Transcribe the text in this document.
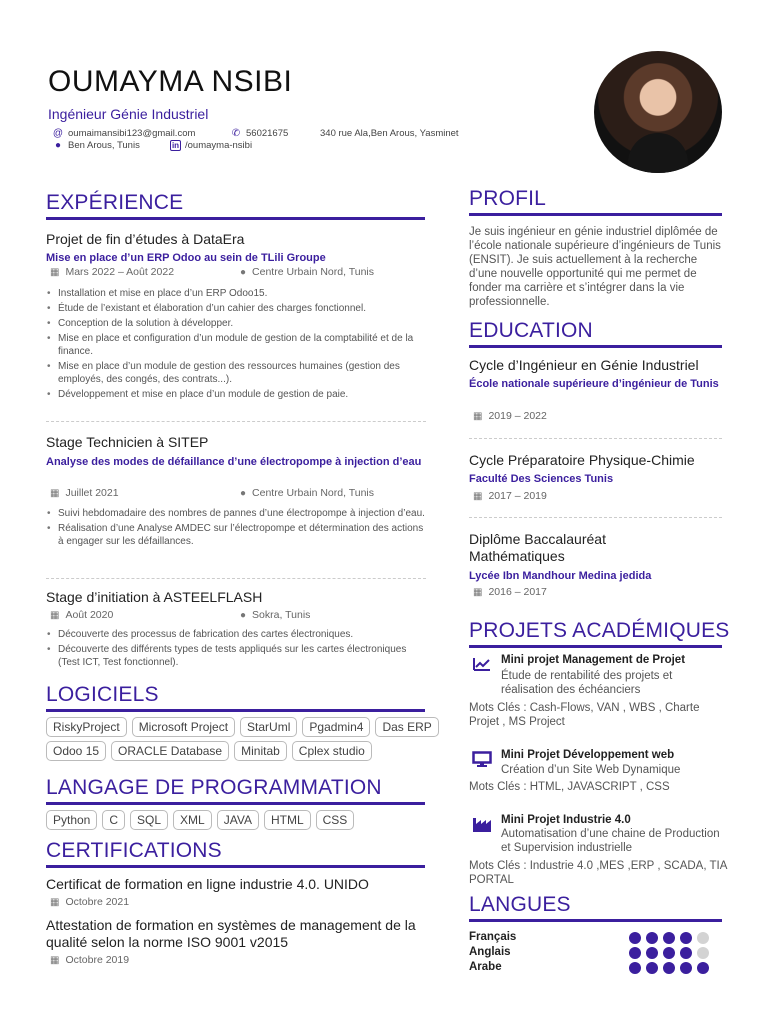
OUMAYMA NSIBI
Ingénieur Génie Industriel
@ oumaimansibi123@gmail.com	✆ 56021675	340 rue Ala,Ben Arous, Yasminet
● Ben Arous, Tunis	in /oumayma-nsibi
EXPÉRIENCE
Projet de fin d’études à DataEra
Mise en place d’un ERP Odoo au sein de TLili Groupe
▦ Mars 2022 – Août 2022	● Centre Urbain Nord, Tunis
• Installation et mise en place d’un ERP Odoo15.
• Étude de l’existant et élaboration d’un cahier des charges fonctionnel.
• Conception de la solution à développer.
• Mise en place et configuration d’un module de gestion de la comptabilité et de la finance.
• Mise en place d’un module de gestion des ressources humaines (gestion des employés, des congés, des contrats...).
• Développement et mise en place d’un module de gestion de paie.
Stage Technicien à SITEP
Analyse des modes de défaillance d’une électropompe à injection d’eau
▦ Juillet 2021	● Centre Urbain Nord, Tunis
• Suivi hebdomadaire des nombres de pannes d’une électropompe à injection d’eau.
• Réalisation d’une Analyse AMDEC sur l’électropompe et détermination des actions à engager sur les défaillances.
Stage d’initiation à ASTEELFLASH
▦ Août 2020	● Sokra, Tunis
• Découverte des processus de fabrication des cartes électroniques.
• Découverte des différents types de tests appliqués sur les cartes électroniques (Test ICT, Test fonctionnel).
LOGICIELS
RiskyProject	Microsoft Project	StarUml	Pgadmin4	Das ERP
Odoo 15	ORACLE Database	Minitab	Cplex studio
LANGAGE DE PROGRAMMATION
Python	C	SQL	XML	JAVA	HTML	CSS
CERTIFICATIONS
Certificat de formation en ligne industrie 4.0. UNIDO
▦ Octobre 2021
Attestation de formation en systèmes de management de la qualité selon la norme ISO 9001 v2015
▦ Octobre 2019
PROFIL
Je suis ingénieur en génie industriel diplômée de l’école nationale supérieure d’ingénieurs de Tunis (ENSIT). Je suis actuellement à la recherche d’une nouvelle opportunité qui me permet de fonder ma carrière et s’intégrer dans la vie professionnelle.
EDUCATION
Cycle d’Ingénieur en Génie Industriel
École nationale supérieure d’ingénieur de Tunis
▦ 2019 – 2022
Cycle Préparatoire Physique-Chimie
Faculté Des Sciences Tunis
▦ 2017 – 2019
Diplôme Baccalauréat Mathématiques
Lycée Ibn Mandhour Medina jedida
▦ 2016 – 2017
PROJETS ACADÉMIQUES
Mini projet Management de Projet
Étude de rentabilité des projets et réalisation des échéanciers
Mots Clés : Cash-Flows, VAN , WBS , Charte Projet , MS Project
Mini Projet Développement web
Création d’un Site Web Dynamique
Mots Clés : HTML, JAVASCRIPT , CSS
Mini Projet Industrie 4.0
Automatisation d’une chaine de Production et Supervision industrielle
Mots Clés : Industrie 4.0 ,MES ,ERP , SCADA, TIA PORTAL
LANGUES
Français
Anglais
Arabe
